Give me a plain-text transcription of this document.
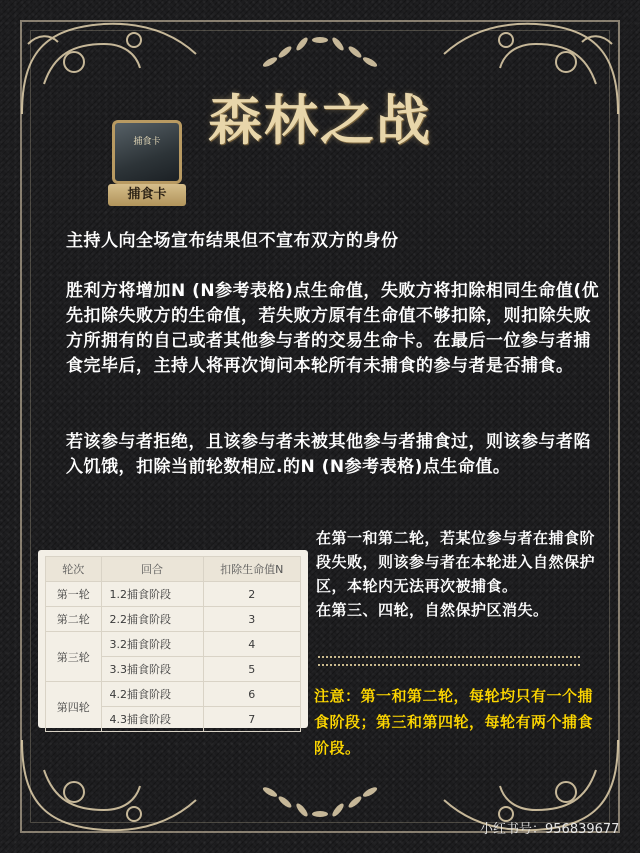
森林之战
捕食卡
捕食卡

主持人向全场宣布结果但不宣布双方的身份

胜利方将增加N (N参考表格)点生命值，失败方将扣除相同生命值(优先扣除失败方的生命值，若失败方原有生命值不够扣除，则扣除失败方所拥有的自己或者其他参与者的交易生命卡。在最后一位参与者捕食完毕后，主持人将再次询问本轮所有未捕食的参与者是否捕食。

若该参与者拒绝，且该参与者未被其他参与者捕食过，则该参与者陷入饥饿，扣除当前轮数相应.的N (N参考表格)点生命值。

轮次	回合	扣除生命值N
第一轮	1.2捕食阶段	2
第二轮	2.2捕食阶段	3
第三轮	3.2捕食阶段	4
	3.3捕食阶段	5
第四轮	4.2捕食阶段	6
	4.3捕食阶段	7

在第一和第二轮，若某位参与者在捕食阶段失败，则该参与者在本轮进入自然保护区，本轮内无法再次被捕食。
在第三、四轮，自然保护区消失。

注意：第一和第二轮，每轮均只有一个捕食阶段；第三和第四轮，每轮有两个捕食阶段。

小红书号：956839677
